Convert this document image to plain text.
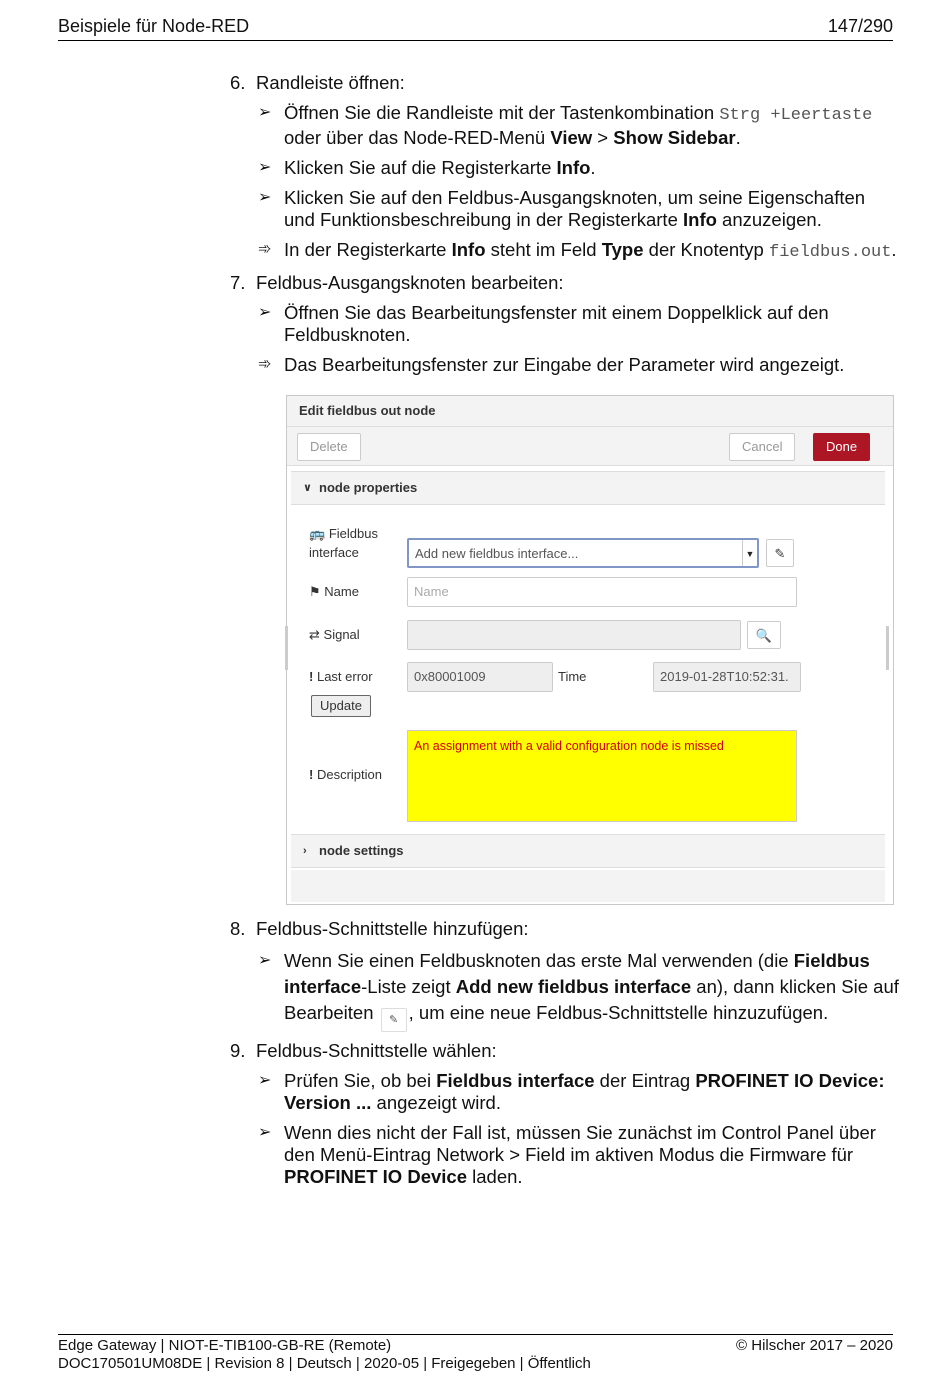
Beispiele für Node-RED	147/290
6. Randleiste öffnen:
➢ Öffnen Sie die Randleiste mit der Tastenkombination Strg +Leertaste oder über das Node-RED-Menü View > Show Sidebar.
➢ Klicken Sie auf die Registerkarte Info.
➢ Klicken Sie auf den Feldbus-Ausgangsknoten, um seine Eigenschaften und Funktionsbeschreibung in der Registerkarte Info anzuzeigen.
➾ In der Registerkarte Info steht im Feld Type der Knotentyp fieldbus.out.
7. Feldbus-Ausgangsknoten bearbeiten:
➢ Öffnen Sie das Bearbeitungsfenster mit einem Doppelklick auf den Feldbusknoten.
➾ Das Bearbeitungsfenster zur Eingabe der Parameter wird angezeigt.
Edit fieldbus out node
Delete	Cancel	Done
∨ node properties
🚌 Fieldbus interface	Add new fieldbus interface...	▼	✎
⚑ Name	Name
⇄ Signal	🔍
! Last error	0x80001009	Time	2019-01-28T10:52:31.
Update
! Description
An assignment with a valid configuration node is missed
› node settings
8. Feldbus-Schnittstelle hinzufügen:
➢ Wenn Sie einen Feldbusknoten das erste Mal verwenden (die Fieldbus interface-Liste zeigt Add new fieldbus interface an), dann klicken Sie auf Bearbeiten ✎ , um eine neue Feldbus-Schnittstelle hinzuzufügen.
9. Feldbus-Schnittstelle wählen:
➢ Prüfen Sie, ob bei Fieldbus interface der Eintrag PROFINET IO Device: Version ... angezeigt wird.
➢ Wenn dies nicht der Fall ist, müssen Sie zunächst im Control Panel über den Menü-Eintrag Network > Field im aktiven Modus die Firmware für PROFINET IO Device laden.
Edge Gateway | NIOT-E-TIB100-GB-RE (Remote)
DOC170501UM08DE | Revision 8 | Deutsch | 2020-05 | Freigegeben | Öffentlich
© Hilscher 2017 – 2020
